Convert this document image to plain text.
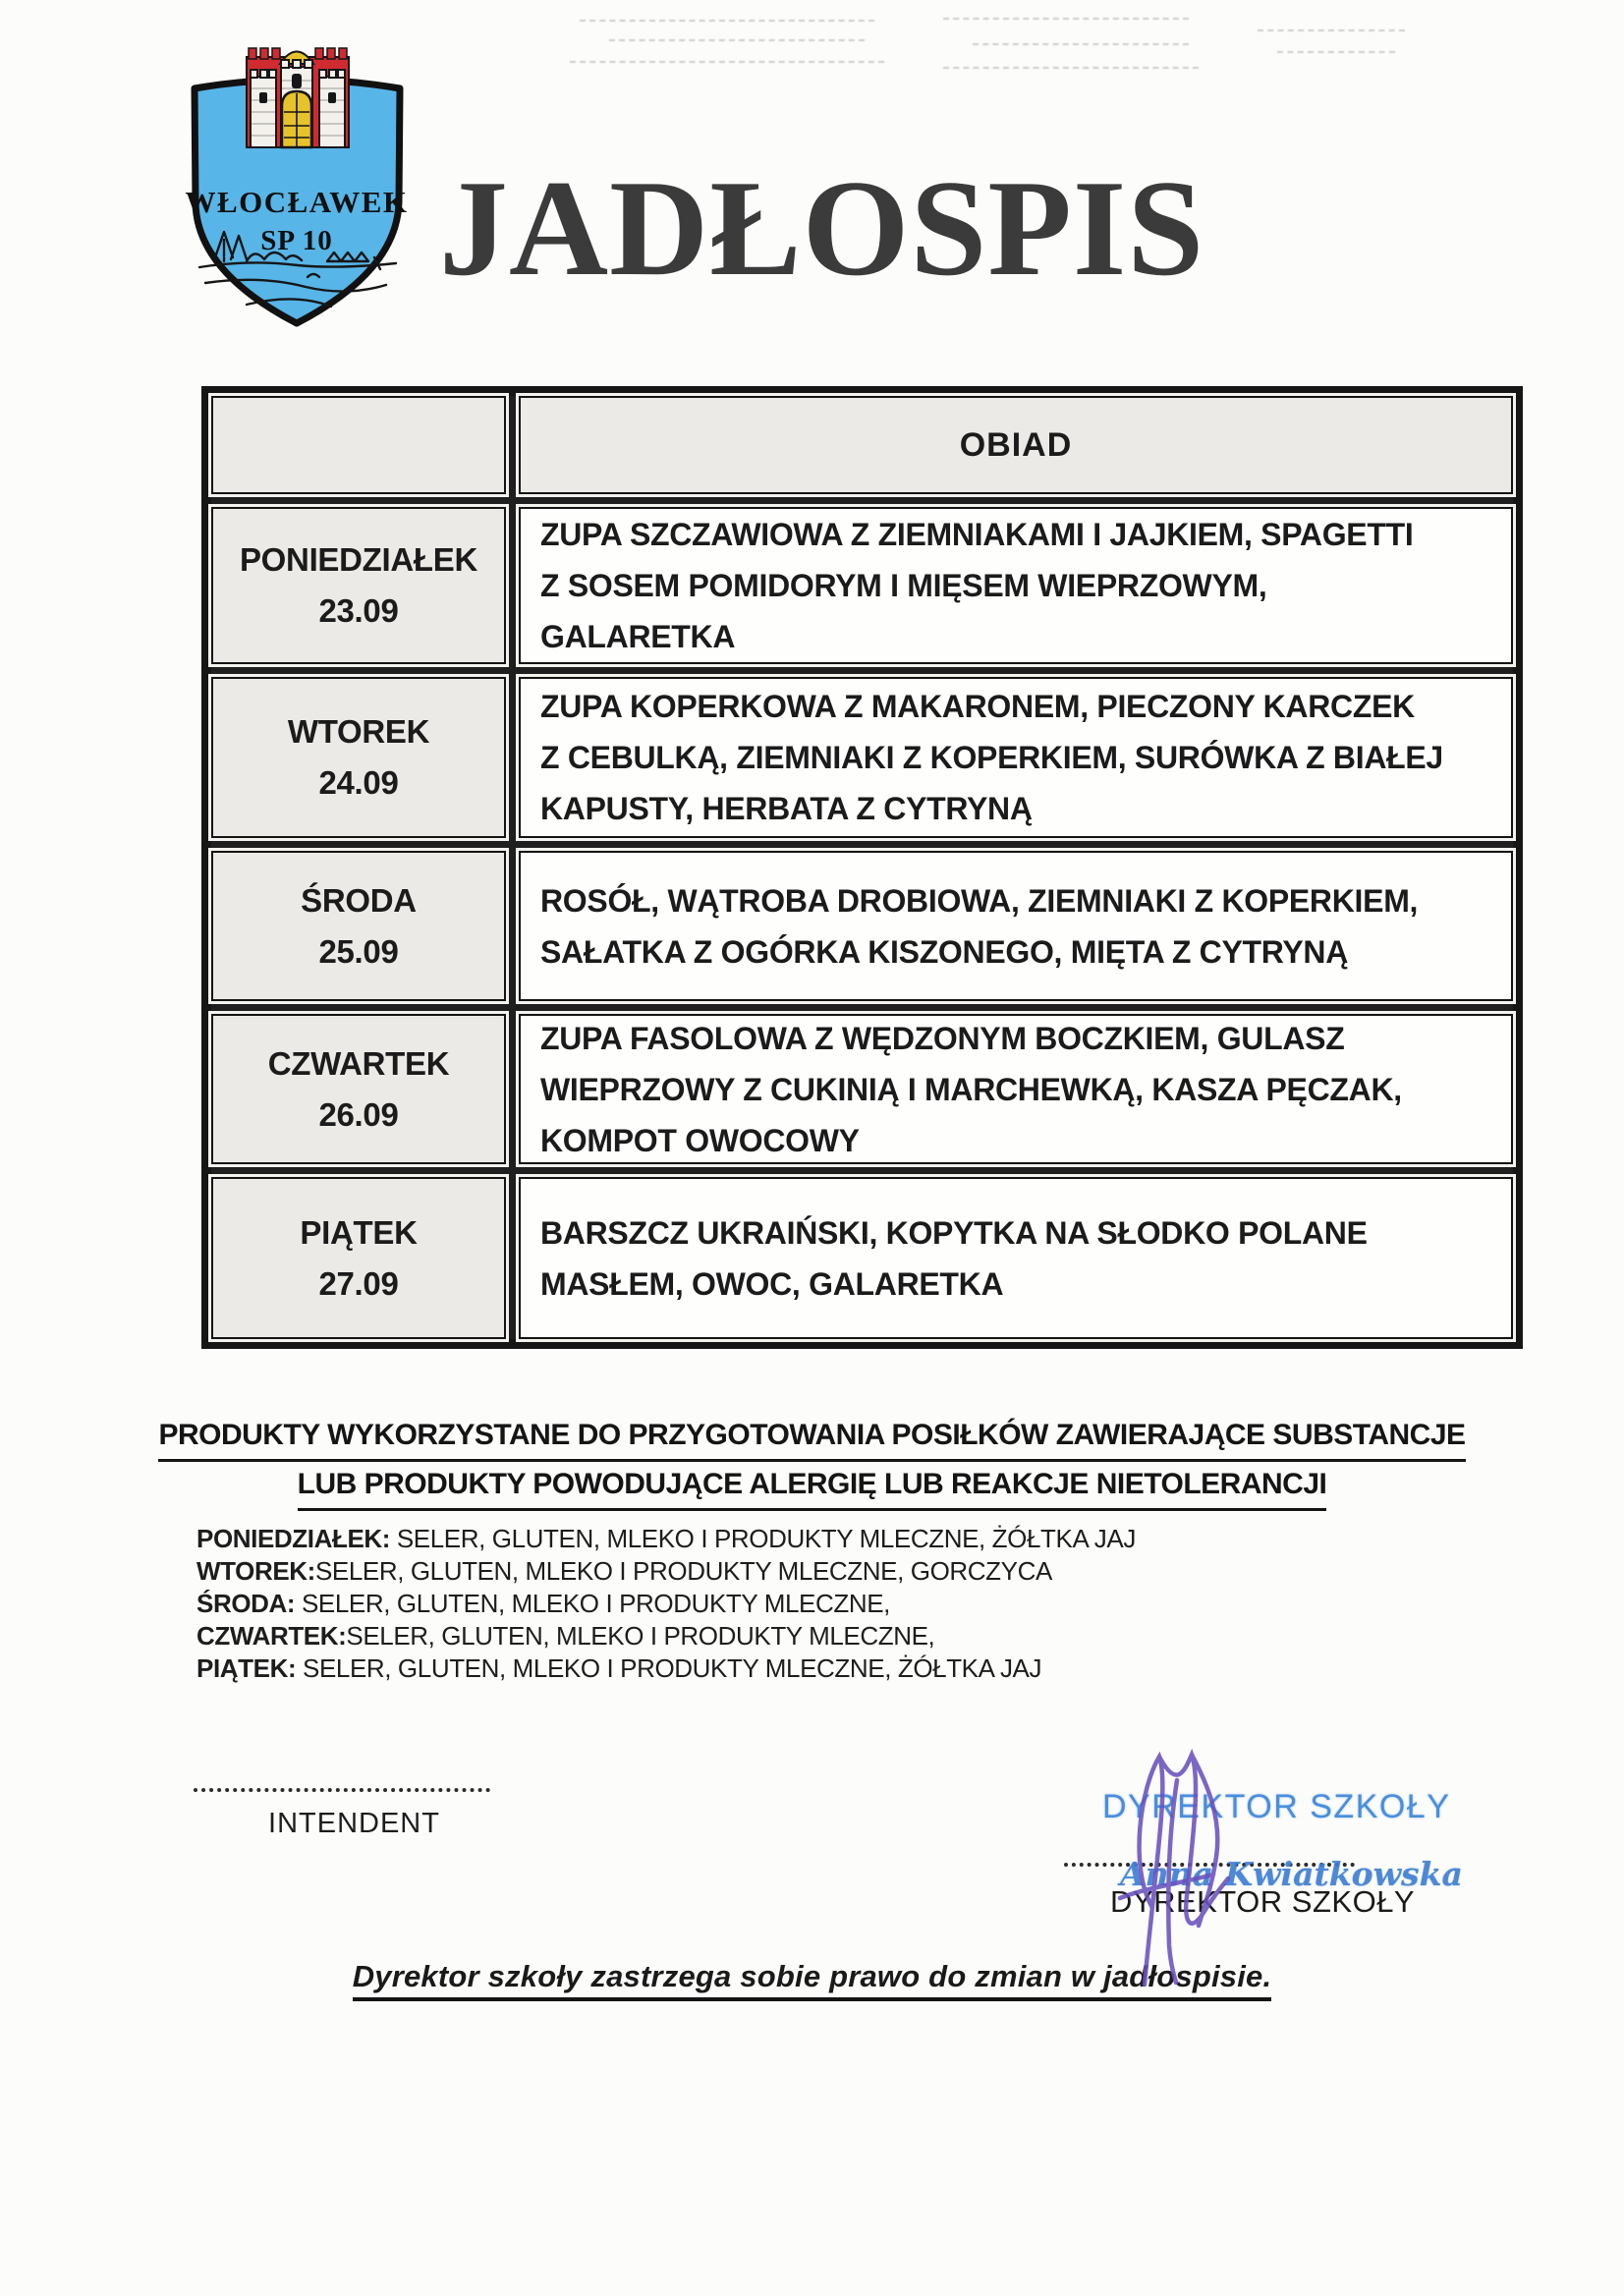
WŁOCŁAWEK
SP 10 JADŁOSPIS
OBIAD
PONIEDZIAŁEK
23.09
ZUPA SZCZAWIOWA Z ZIEMNIAKAMI I JAJKIEM, SPAGETTI
Z SOSEM POMIDORYM I MIĘSEM WIEPRZOWYM,
GALARETKA
WTOREK
24.09
ZUPA KOPERKOWA Z MAKARONEM, PIECZONY KARCZEK
Z CEBULKĄ, ZIEMNIAKI Z KOPERKIEM, SURÓWKA Z BIAŁEJ
KAPUSTY, HERBATA Z CYTRYNĄ
ŚRODA
25.09
ROSÓŁ, WĄTROBA DROBIOWA, ZIEMNIAKI Z KOPERKIEM,
SAŁATKA Z OGÓRKA KISZONEGO, MIĘTA Z CYTRYNĄ
CZWARTEK
26.09
ZUPA FASOLOWA Z WĘDZONYM BOCZKIEM, GULASZ
WIEPRZOWY Z CUKINIĄ I MARCHEWKĄ, KASZA PĘCZAK,
KOMPOT OWOCOWY
PIĄTEK
27.09
BARSZCZ UKRAIŃSKI, KOPYTKA NA SŁODKO POLANE
MASŁEM, OWOC, GALARETKA
PRODUKTY WYKORZYSTANE DO PRZYGOTOWANIA POSIŁKÓW ZAWIERAJĄCE SUBSTANCJE
LUB PRODUKTY POWODUJĄCE ALERGIĘ LUB REAKCJE NIETOLERANCJI
PONIEDZIAŁEK: SELER, GLUTEN, MLEKO I PRODUKTY MLECZNE, ŻÓŁTKA JAJ
WTOREK:SELER, GLUTEN, MLEKO I PRODUKTY MLECZNE, GORCZYCA
ŚRODA: SELER, GLUTEN, MLEKO I PRODUKTY MLECZNE,
CZWARTEK:SELER, GLUTEN, MLEKO I PRODUKTY MLECZNE,
PIĄTEK: SELER, GLUTEN, MLEKO I PRODUKTY MLECZNE, ŻÓŁTKA JAJ
INTENDENT	DYREKTOR SZKOŁY
Anna Kwiatkowska
DYREKTOR SZKOŁY
Dyrektor szkoły zastrzega sobie prawo do zmian w jadłospisie.
